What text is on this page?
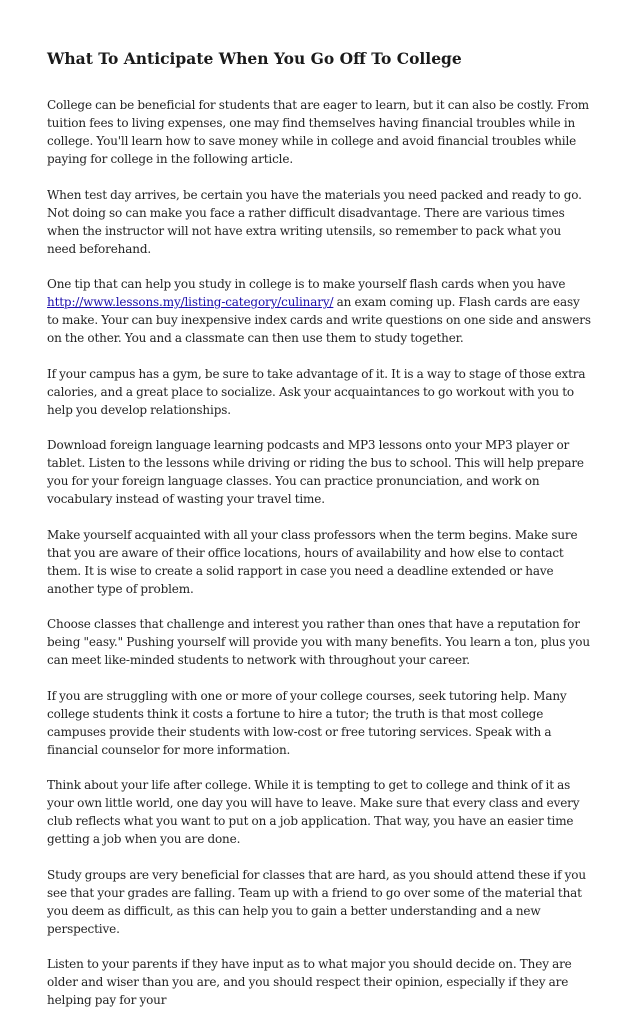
What To Anticipate When You Go Off To College

College can be beneficial for students that are eager to learn, but it can also be costly. From tuition fees to living expenses, one may find themselves having financial troubles while in college. You'll learn how to save money while in college and avoid financial troubles while paying for college in the following article.

When test day arrives, be certain you have the materials you need packed and ready to go. Not doing so can make you face a rather difficult disadvantage. There are various times when the instructor will not have extra writing utensils, so remember to pack what you need beforehand.

One tip that can help you study in college is to make yourself flash cards when you have http://www.lessons.my/listing-category/culinary/ an exam coming up. Flash cards are easy to make. Your can buy inexpensive index cards and write questions on one side and answers on the other. You and a classmate can then use them to study together.

If your campus has a gym, be sure to take advantage of it. It is a way to stage of those extra calories, and a great place to socialize. Ask your acquaintances to go workout with you to help you develop relationships.

Download foreign language learning podcasts and MP3 lessons onto your MP3 player or tablet. Listen to the lessons while driving or riding the bus to school. This will help prepare you for your foreign language classes. You can practice pronunciation, and work on vocabulary instead of wasting your travel time.

Make yourself acquainted with all your class professors when the term begins. Make sure that you are aware of their office locations, hours of availability and how else to contact them. It is wise to create a solid rapport in case you need a deadline extended or have another type of problem.

Choose classes that challenge and interest you rather than ones that have a reputation for being "easy." Pushing yourself will provide you with many benefits. You learn a ton, plus you can meet like-minded students to network with throughout your career.

If you are struggling with one or more of your college courses, seek tutoring help. Many college students think it costs a fortune to hire a tutor; the truth is that most college campuses provide their students with low-cost or free tutoring services. Speak with a financial counselor for more information.

Think about your life after college. While it is tempting to get to college and think of it as your own little world, one day you will have to leave. Make sure that every class and every club reflects what you want to put on a job application. That way, you have an easier time getting a job when you are done.

Study groups are very beneficial for classes that are hard, as you should attend these if you see that your grades are falling. Team up with a friend to go over some of the material that you deem as difficult, as this can help you to gain a better understanding and a new perspective.

Listen to your parents if they have input as to what major you should decide on. They are older and wiser than you are, and you should respect their opinion, especially if they are helping pay for your
